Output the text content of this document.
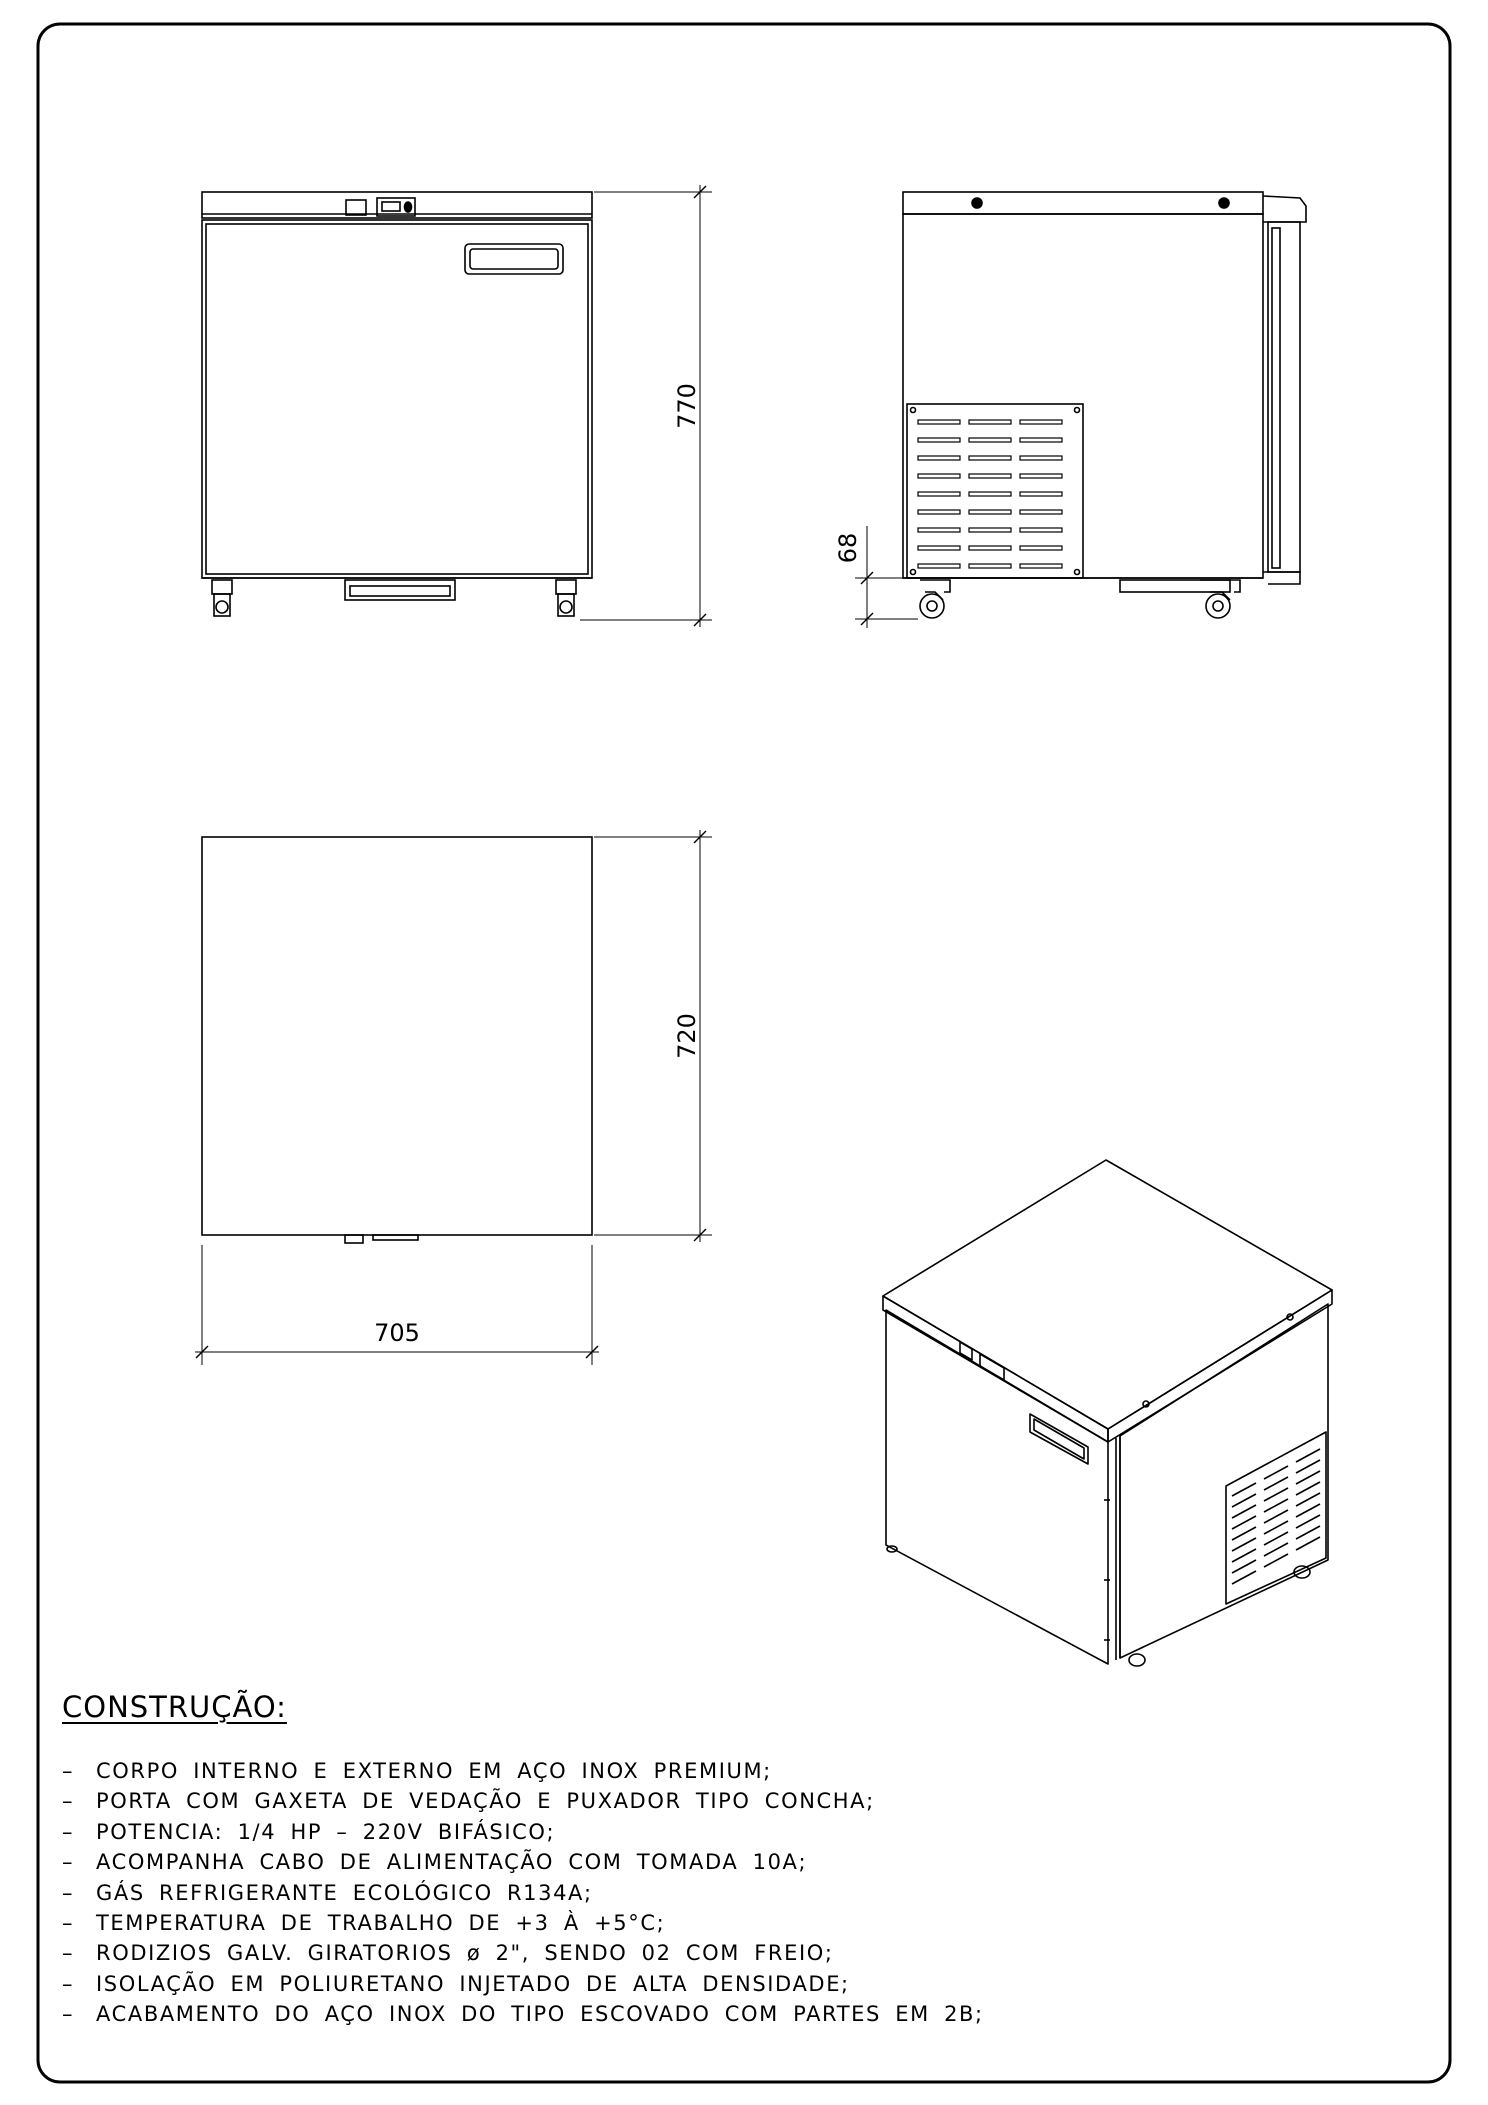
770
68
720
705
CONSTRUÇÃO:
– CORPO INTERNO E EXTERNO EM AÇO INOX PREMIUM;
– PORTA COM GAXETA DE VEDAÇÃO E PUXADOR TIPO CONCHA;
– POTENCIA: 1/4 HP – 220V BIFÁSICO;
– ACOMPANHA CABO DE ALIMENTAÇÃO COM TOMADA 10A;
– GÁS REFRIGERANTE ECOLÓGICO R134A;
– TEMPERATURA DE TRABALHO DE +3 À +5°C;
– RODIZIOS GALV. GIRATORIOS ø 2", SENDO 02 COM FREIO;
– ISOLAÇÃO EM POLIURETANO INJETADO DE ALTA DENSIDADE;
– ACABAMENTO DO AÇO INOX DO TIPO ESCOVADO COM PARTES EM 2B;
